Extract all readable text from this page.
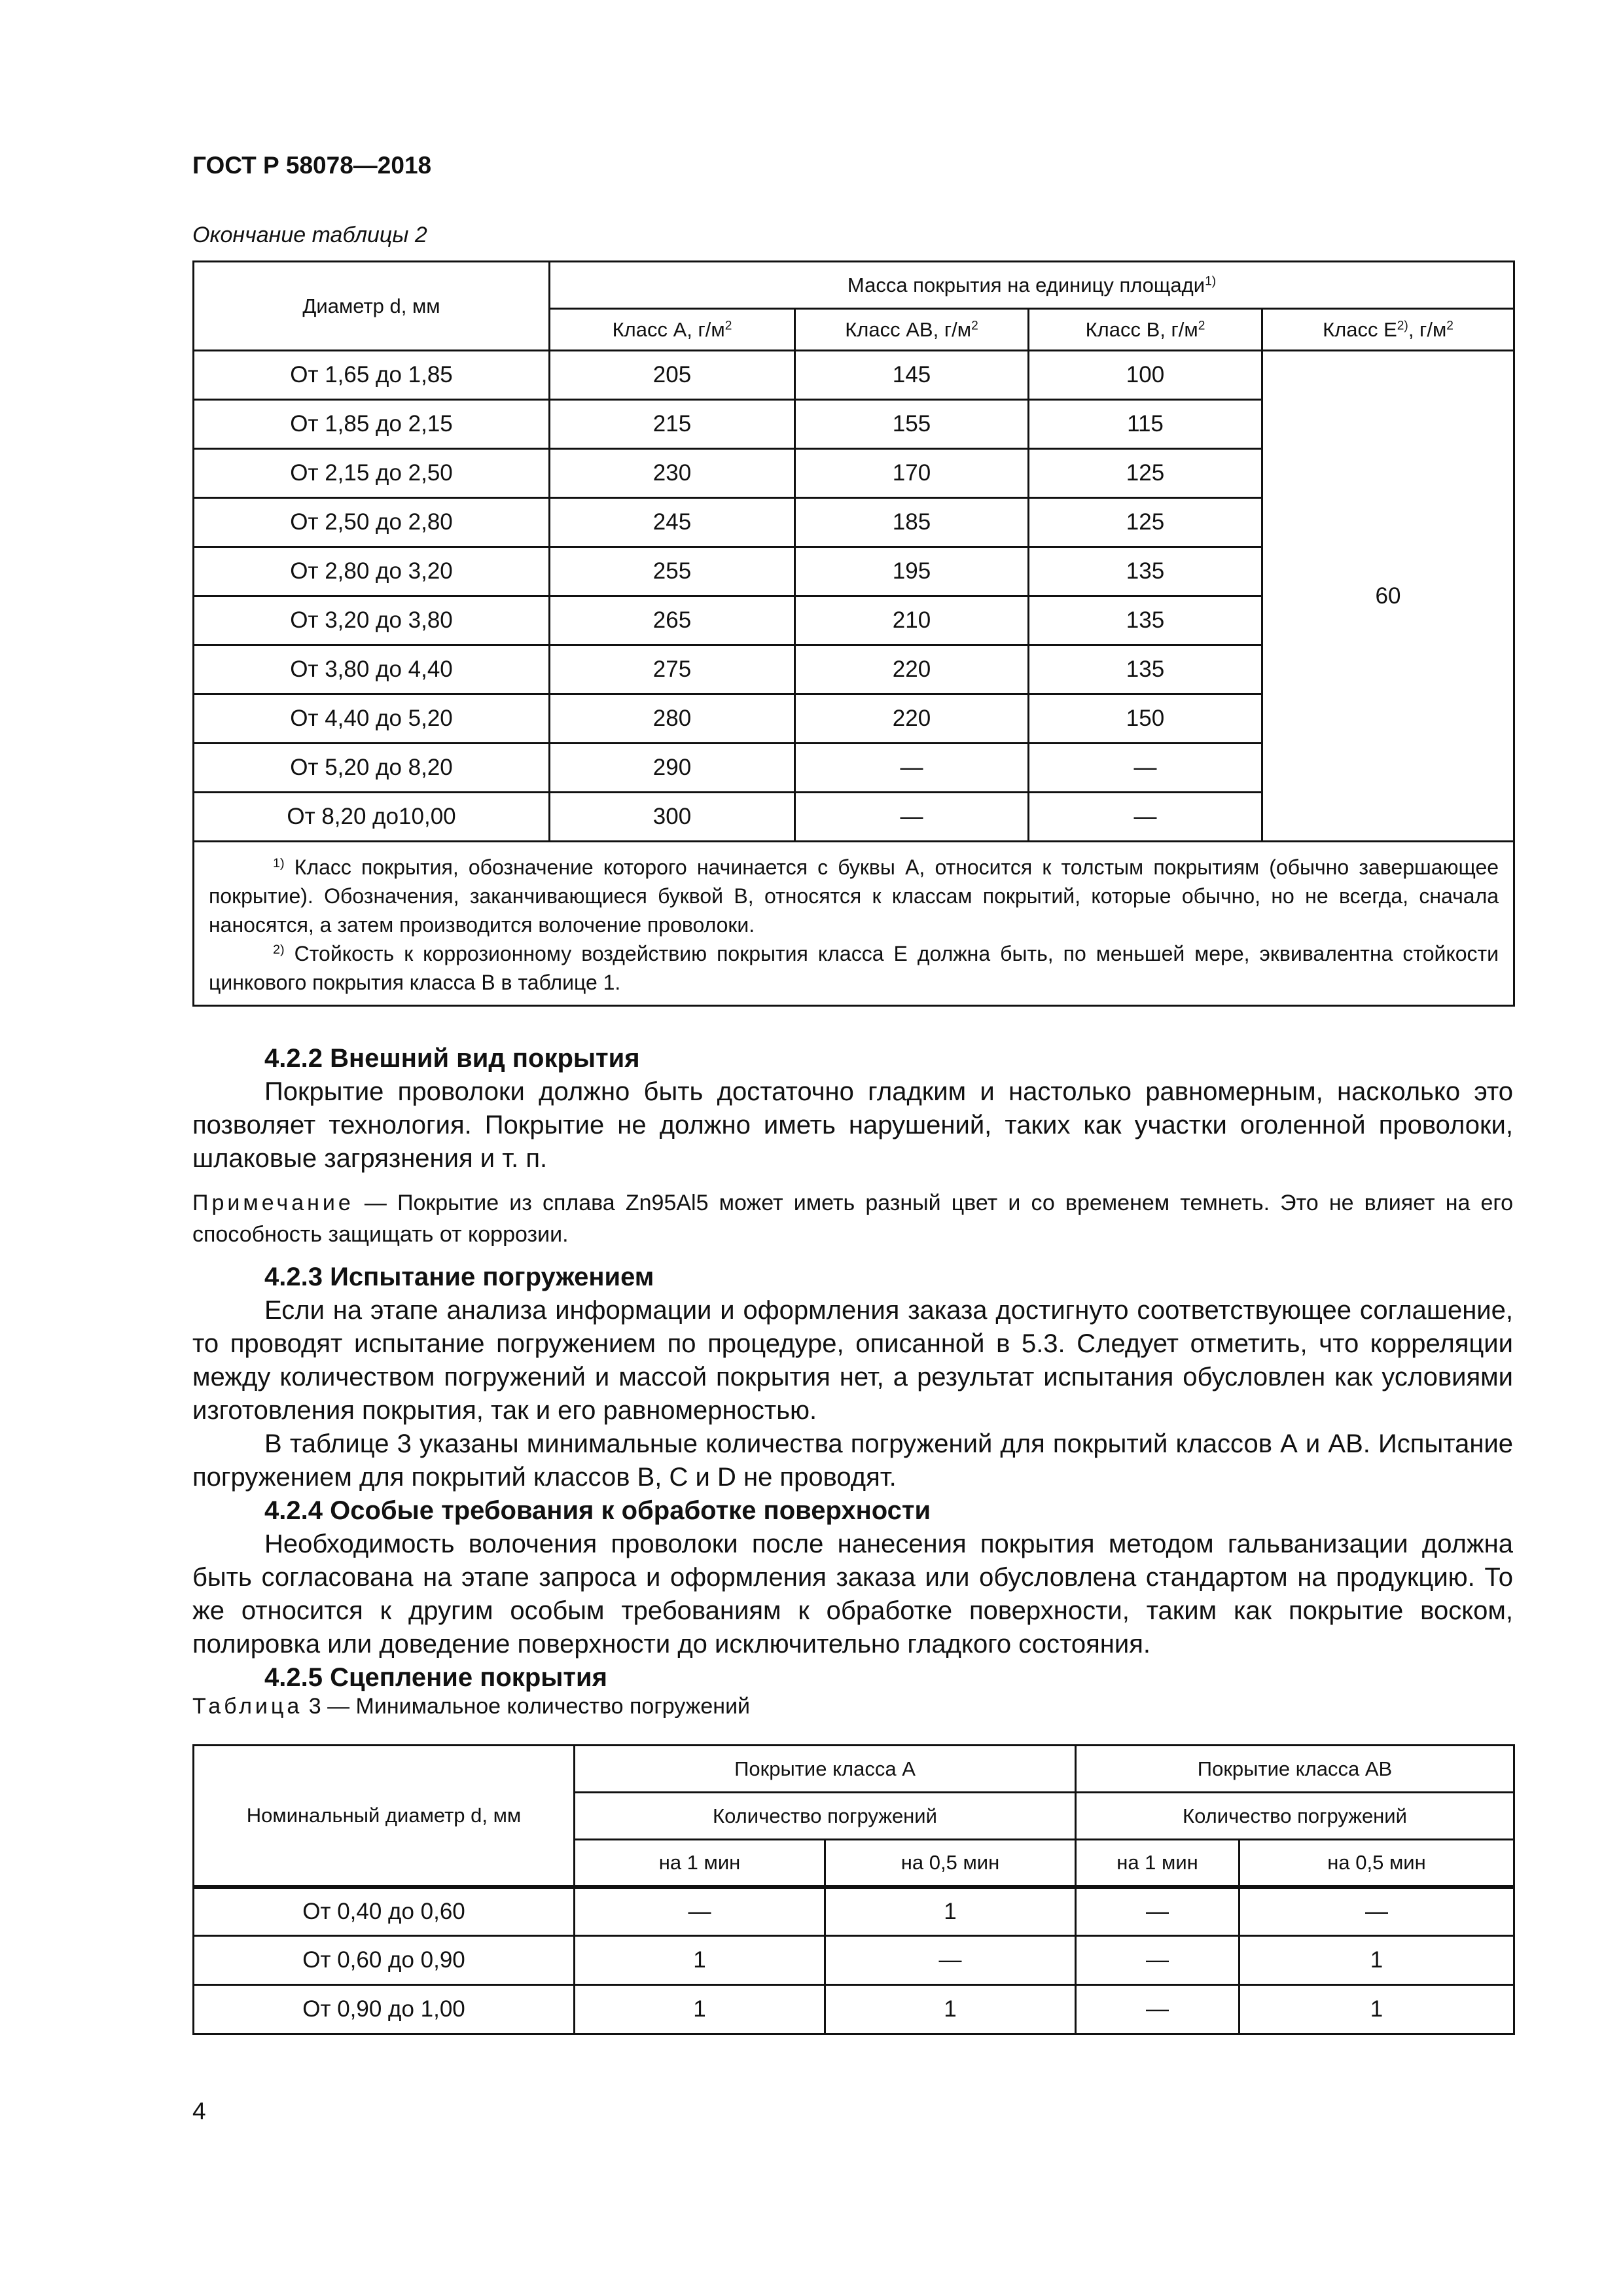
ГОСТ Р 58078—2018
Окончание таблицы 2
Диаметр d, мм	Масса покрытия на единицу площади$^{1)}$
	Класс А, $г/м^2$	Класс АВ, $г/м^2$	Класс В, $г/м^2$	Класс $Е^{2)}$, $г/м^2$
От 1,65 до 1,85	205	145	100	60
От 1,85 до 2,15	215	155	115	
От 2,15 до 2,50	230	170	125	
От 2,50 до 2,80	245	185	125	
От 2,80 до 3,20	255	195	135	
От 3,20 до 3,80	265	210	135	
От 3,80 до 4,40	275	220	135	
От 4,40 до 5,20	280	220	150	
От 5,20 до 8,20	290	—	—	
От 8,20 до10,00	300	—	—	

$^{1)}$ Класс покрытия, обозначение которого начинается с буквы А, относится к толстым покрытиям (обычно завершающее покрытие). Обозначения, заканчивающиеся буквой В, относятся к классам покрытий, которые обычно, но не всегда, сначала наносятся, а затем производится волочение проволоки.

$^{2)}$ Стойкость к коррозионному воздействию покрытия класса Е должна быть, по меньшей мере, эквивалентна стойкости цинкового покрытия класса В в таблице 1.				

4.2.2 Внешний вид покрытия

Покрытие проволоки должно быть достаточно гладким и настолько равномерным, насколько это позволяет технология. Покрытие не должно иметь нарушений, таких как участки оголенной проволоки, шлаковые загрязнения и т. п.

Примечание — Покрытие из сплава Zn95Al5 может иметь разный цвет и со временем темнеть. Это не влияет на его способность защищать от коррозии.

4.2.3 Испытание погружением

Если на этапе анализа информации и оформления заказа достигнуто соответствующее соглашение, то проводят испытание погружением по процедуре, описанной в 5.3. Следует отметить, что корреляции между количеством погружений и массой покрытия нет, а результат испытания обусловлен как условиями изготовления покрытия, так и его равномерностью.

В таблице 3 указаны минимальные количества погружений для покрытий классов А и АВ. Испытание погружением для покрытий классов В, С и D не проводят.

4.2.4 Особые требования к обработке поверхности

Необходимость волочения проволоки после нанесения покрытия методом гальванизации должна быть согласована на этапе запроса и оформления заказа или обусловлена стандартом на продукцию. То же относится к другим особым требованиям к обработке поверхности, таким как покрытие воском, полировка или доведение поверхности до исключительно гладкого состояния.

4.2.5 Сцепление покрытия
Таблица 3 — Минимальное количество погружений
Номинальный диаметр d, мм	Покрытие класса А		Покрытие класса АВ	
	Количество погружений		Количество погружений	
	на 1 мин	на 0,5 мин	на 1 мин	на 0,5 мин
От 0,40 до 0,60	—	1	—	—
От 0,60 до 0,90	1	—	—	1
От 0,90 до 1,00	1	1	—	1
4
